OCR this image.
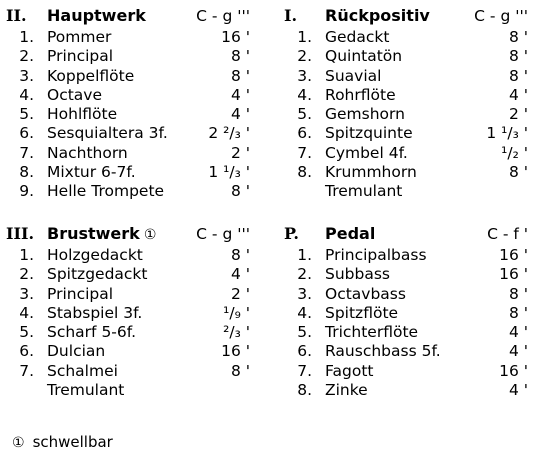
II. Hauptwerk	C - g '''
1. Pommer	16 '
2. Principal	8 '
3. Koppelflöte	8 '
4. Octave	4 '
5. Hohlflöte	4 '
6. Sesquialtera 3f.	2 ²/₃ '
7. Nachthorn	2 '
8. Mixtur 6-7f.	1 ¹/₃ '
9. Helle Trompete	8 '
I. Rückpositiv	C - g '''
1. Gedackt	8 '
2. Quintatön	8 '
3. Suavial	8 '
4. Rohrflöte	4 '
5. Gemshorn	2 '
6. Spitzquinte	1 ¹/₃ '
7. Cymbel 4f.	¹/₂ '
8. Krummhorn	8 '
Tremulant
III. Brustwerk ①	C - g '''
1. Holzgedackt	8 '
2. Spitzgedackt	4 '
3. Principal	2 '
4. Stabspiel 3f.	¹/₉ '
5. Scharf 5-6f.	²/₃ '
6. Dulcian	16 '
7. Schalmei	8 '
Tremulant
P. Pedal	C - f '
1. Principalbass	16 '
2. Subbass	16 '
3. Octavbass	8 '
4. Spitzflöte	8 '
5. Trichterflöte	4 '
6. Rauschbass 5f.	4 '
7. Fagott	16 '
8. Zinke	4 '
① schwellbar
